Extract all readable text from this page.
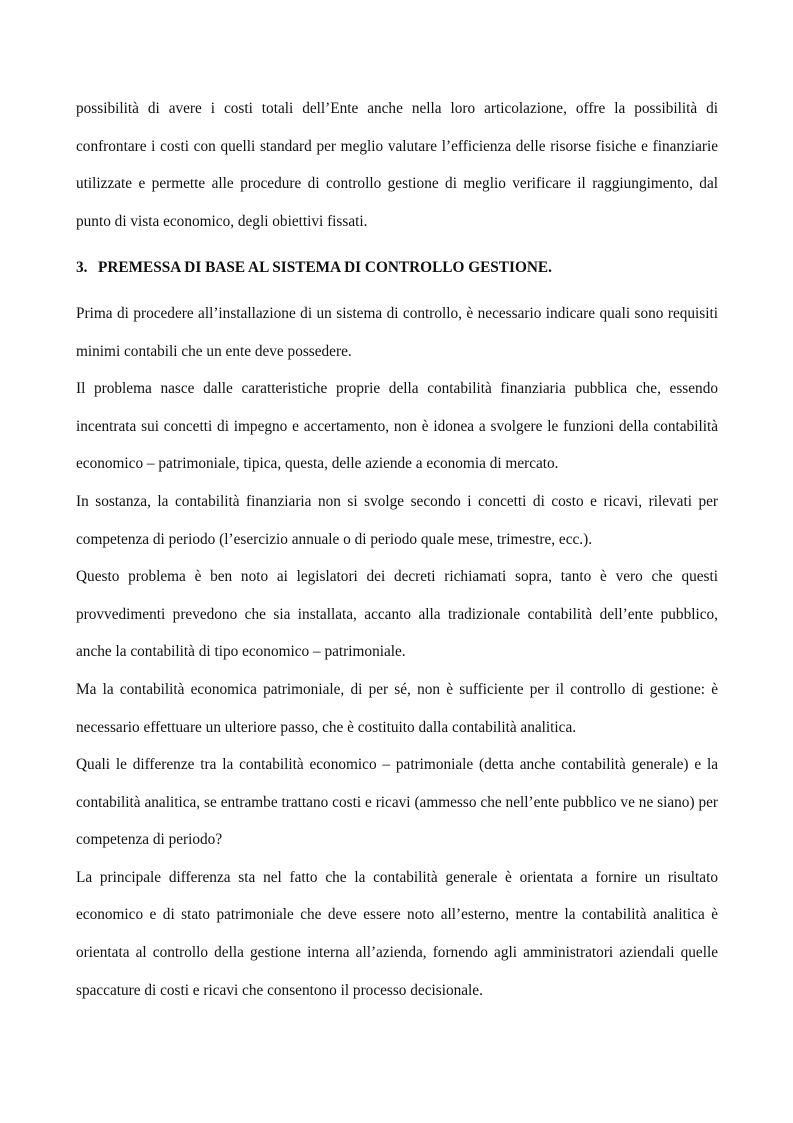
possibilità di avere i costi totali dell’Ente anche nella loro articolazione, offre la possibilità di confrontare i costi con quelli standard per meglio valutare l’efficienza delle risorse fisiche e finanziarie utilizzate e permette alle procedure di controllo gestione di meglio verificare il raggiungimento, dal punto di vista economico, degli obiettivi fissati.

3. PREMESSA DI BASE AL SISTEMA DI CONTROLLO GESTIONE.

Prima di procedere all’installazione di un sistema di controllo, è necessario indicare quali sono requisiti minimi contabili che un ente deve possedere.

Il problema nasce dalle caratteristiche proprie della contabilità finanziaria pubblica che, essendo incentrata sui concetti di impegno e accertamento, non è idonea a svolgere le funzioni della contabilità economico – patrimoniale, tipica, questa, delle aziende a economia di mercato.

In sostanza, la contabilità finanziaria non si svolge secondo i concetti di costo e ricavi, rilevati per competenza di periodo (l’esercizio annuale o di periodo quale mese, trimestre, ecc.).

Questo problema è ben noto ai legislatori dei decreti richiamati sopra, tanto è vero che questi provvedimenti prevedono che sia installata, accanto alla tradizionale contabilità dell’ente pubblico, anche la contabilità di tipo economico – patrimoniale.

Ma la contabilità economica patrimoniale, di per sé, non è sufficiente per il controllo di gestione: è necessario effettuare un ulteriore passo, che è costituito dalla contabilità analitica.

Quali le differenze tra la contabilità economico – patrimoniale (detta anche contabilità generale) e la contabilità analitica, se entrambe trattano costi e ricavi (ammesso che nell’ente pubblico ve ne siano) per competenza di periodo?

La principale differenza sta nel fatto che la contabilità generale è orientata a fornire un risultato economico e di stato patrimoniale che deve essere noto all’esterno, mentre la contabilità analitica è orientata al controllo della gestione interna all’azienda, fornendo agli amministratori aziendali quelle spaccature di costi e ricavi che consentono il processo decisionale.
